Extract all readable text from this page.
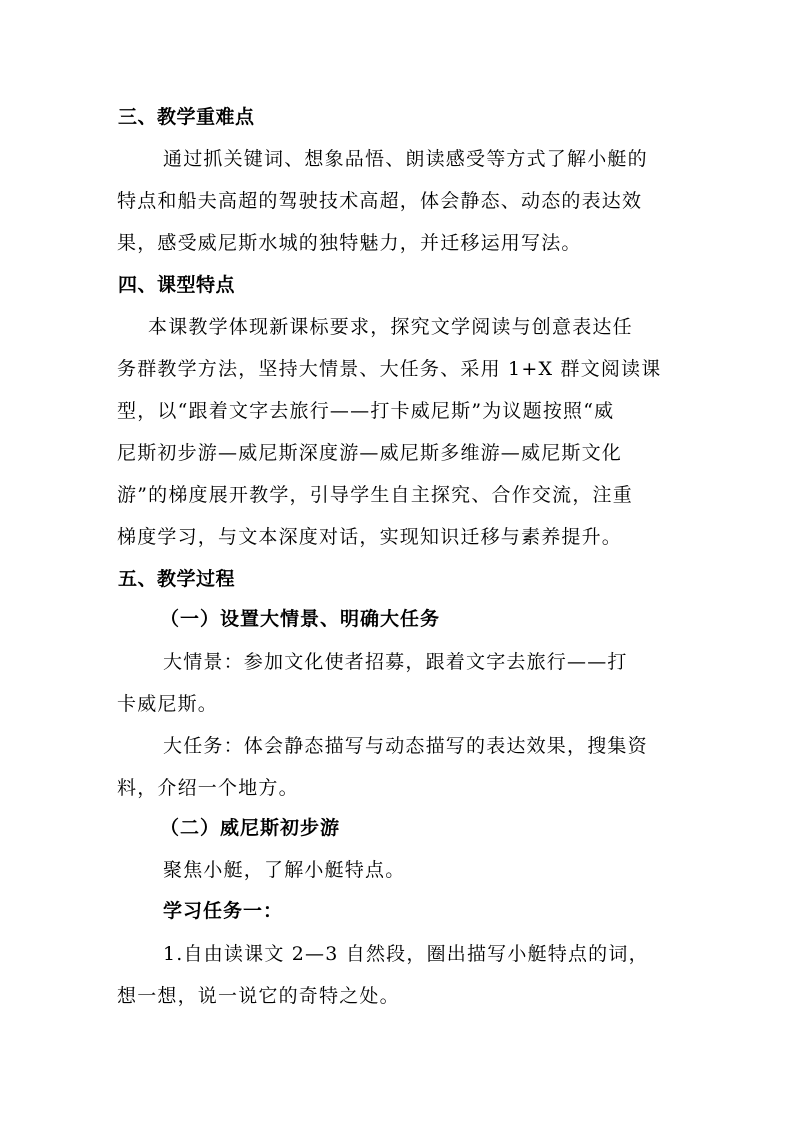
三、教学重难点
通过抓关键词、想象品悟、朗读感受等方式了解小艇的
特点和船夫高超的驾驶技术高超，体会静态、动态的表达效
果，感受威尼斯水城的独特魅力，并迁移运用写法。
四、课型特点
本课教学体现新课标要求，探究文学阅读与创意表达任
务群教学方法，坚持大情景、大任务、采用 1+X 群文阅读课
型，以“跟着文字去旅行——打卡威尼斯”为议题按照“威
尼斯初步游—威尼斯深度游—威尼斯多维游—威尼斯文化
游”的梯度展开教学，引导学生自主探究、合作交流，注重
梯度学习，与文本深度对话，实现知识迁移与素养提升。
五、教学过程
（一）设置大情景、明确大任务
大情景：参加文化使者招募，跟着文字去旅行——打
卡威尼斯。
大任务：体会静态描写与动态描写的表达效果，搜集资
料，介绍一个地方。
（二）威尼斯初步游
聚焦小艇，了解小艇特点。
学习任务一：
1.自由读课文 2—3 自然段，圈出描写小艇特点的词，
想一想，说一说它的奇特之处。
